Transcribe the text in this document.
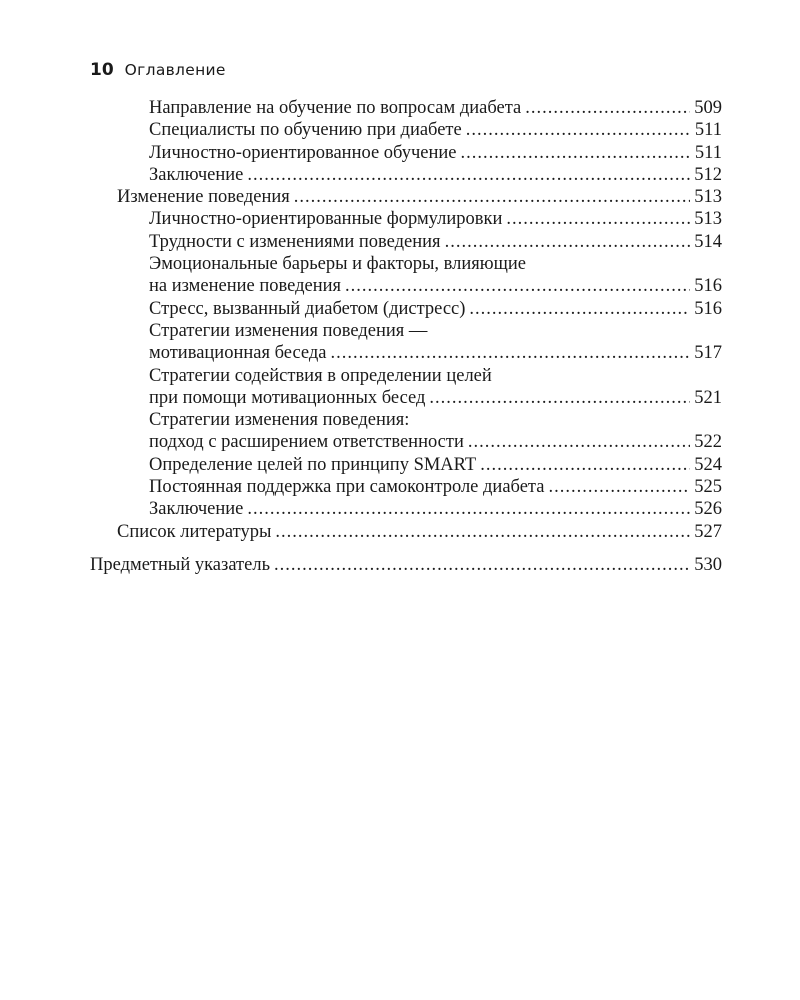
10 Оглавление
Направление на обучение по вопросам диабета .....	509
Специалисты по обучению при диабете .....	511
Личностно-ориентированное обучение .....	511
Заключение .....	512
Изменение поведения .....	513
Личностно-ориентированные формулировки .....	513
Трудности с изменениями поведения .....	514
Эмоциональные барьеры и факторы, влияющие
на изменение поведения .....	516
Стресс, вызванный диабетом (дистресс) .....	516
Стратегии изменения поведения —
мотивационная беседа .....	517
Стратегии содействия в определении целей
при помощи мотивационных бесед .....	521
Стратегии изменения поведения:
подход с расширением ответственности .....	522
Определение целей по принципу SMART .....	524
Постоянная поддержка при самоконтроле диабета .....	525
Заключение .....	526
Список литературы .....	527
Предметный указатель .....	530
